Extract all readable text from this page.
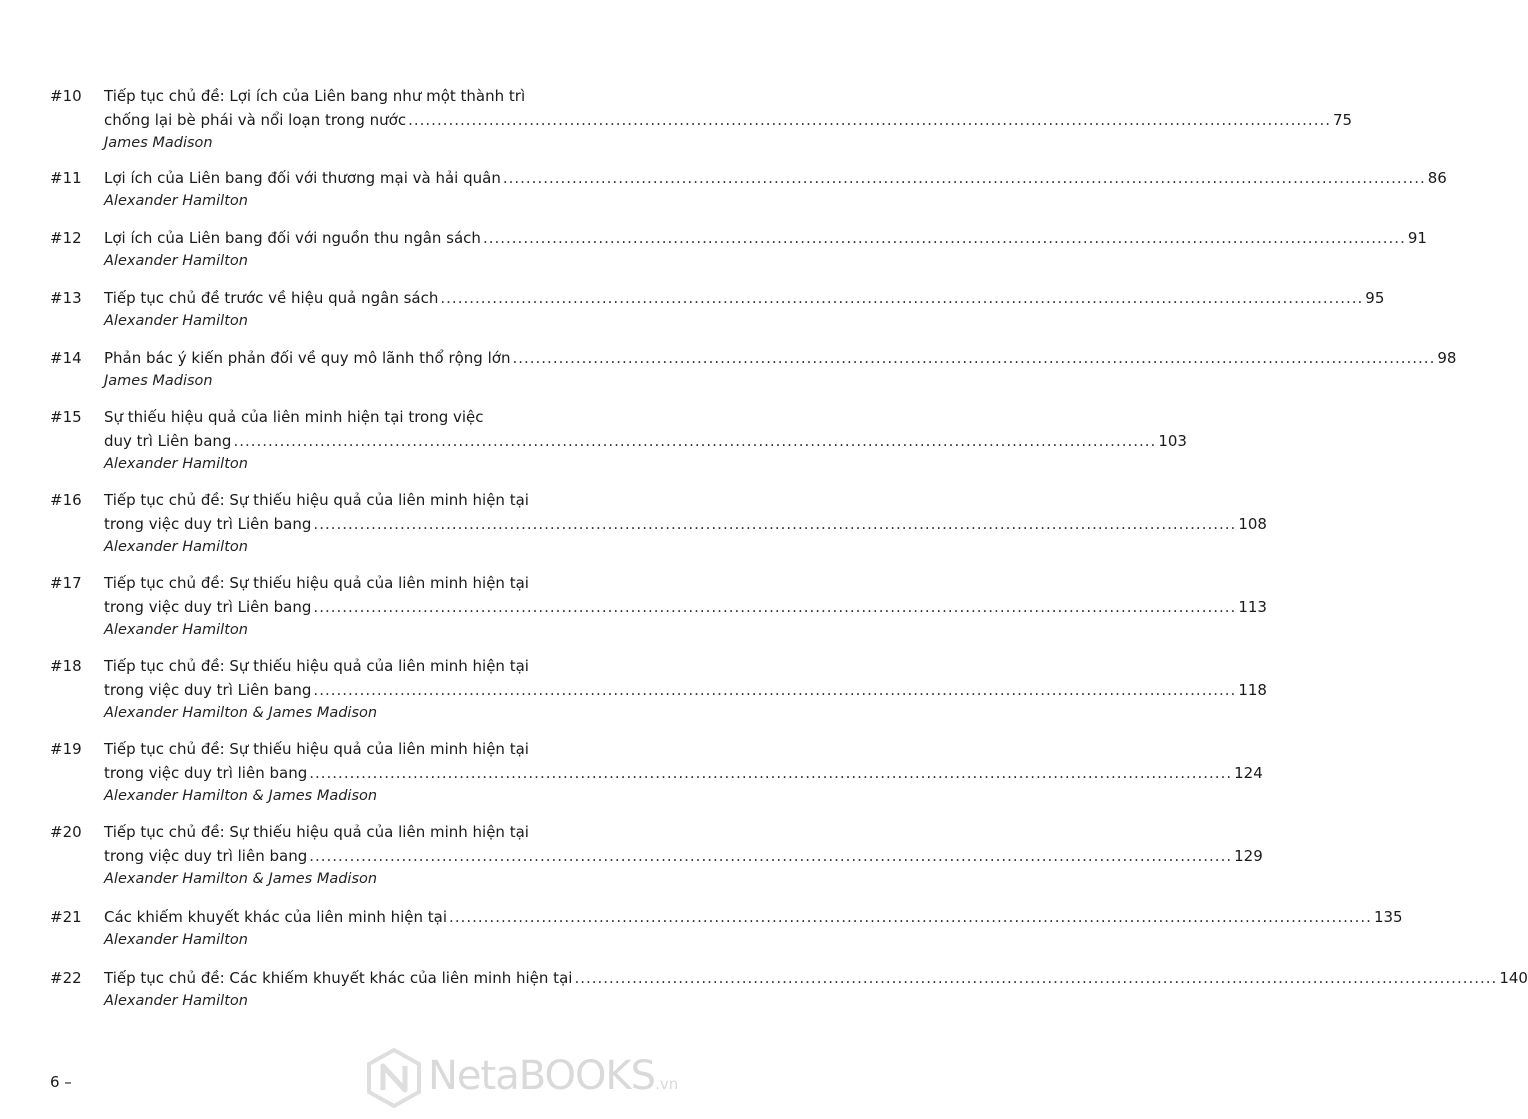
#10 Tiếp tục chủ đề: Lợi ích của Liên bang như một thành trì
chống lại bè phái và nổi loạn trong nước ................................................................................................................................................................ 75
James Madison
#11 Lợi ích của Liên bang đối với thương mại và hải quân ................................................................................................................................................................ 86
Alexander Hamilton
#12 Lợi ích của Liên bang đối với nguồn thu ngân sách ................................................................................................................................................................ 91
Alexander Hamilton
#13 Tiếp tục chủ đề trước về hiệu quả ngân sách ................................................................................................................................................................ 95
Alexander Hamilton
#14 Phản bác ý kiến phản đối về quy mô lãnh thổ rộng lớn ................................................................................................................................................................ 98
James Madison
#15 Sự thiếu hiệu quả của liên minh hiện tại trong việc
duy trì Liên bang ................................................................................................................................................................ 103
Alexander Hamilton
#16 Tiếp tục chủ đề: Sự thiếu hiệu quả của liên minh hiện tại
trong việc duy trì Liên bang ................................................................................................................................................................ 108
Alexander Hamilton
#17 Tiếp tục chủ đề: Sự thiếu hiệu quả của liên minh hiện tại
trong việc duy trì Liên bang ................................................................................................................................................................ 113
Alexander Hamilton
#18 Tiếp tục chủ đề: Sự thiếu hiệu quả của liên minh hiện tại
trong việc duy trì Liên bang ................................................................................................................................................................ 118
Alexander Hamilton & James Madison
#19 Tiếp tục chủ đề: Sự thiếu hiệu quả của liên minh hiện tại
trong việc duy trì liên bang ................................................................................................................................................................ 124
Alexander Hamilton & James Madison
#20 Tiếp tục chủ đề: Sự thiếu hiệu quả của liên minh hiện tại
trong việc duy trì liên bang ................................................................................................................................................................ 129
Alexander Hamilton & James Madison
#21 Các khiếm khuyết khác của liên minh hiện tại ................................................................................................................................................................ 135
Alexander Hamilton
#22 Tiếp tục chủ đề: Các khiếm khuyết khác của liên minh hiện tại ................................................................................................................................................................ 140
Alexander Hamilton
6 –	NetaBOOKS.vn
